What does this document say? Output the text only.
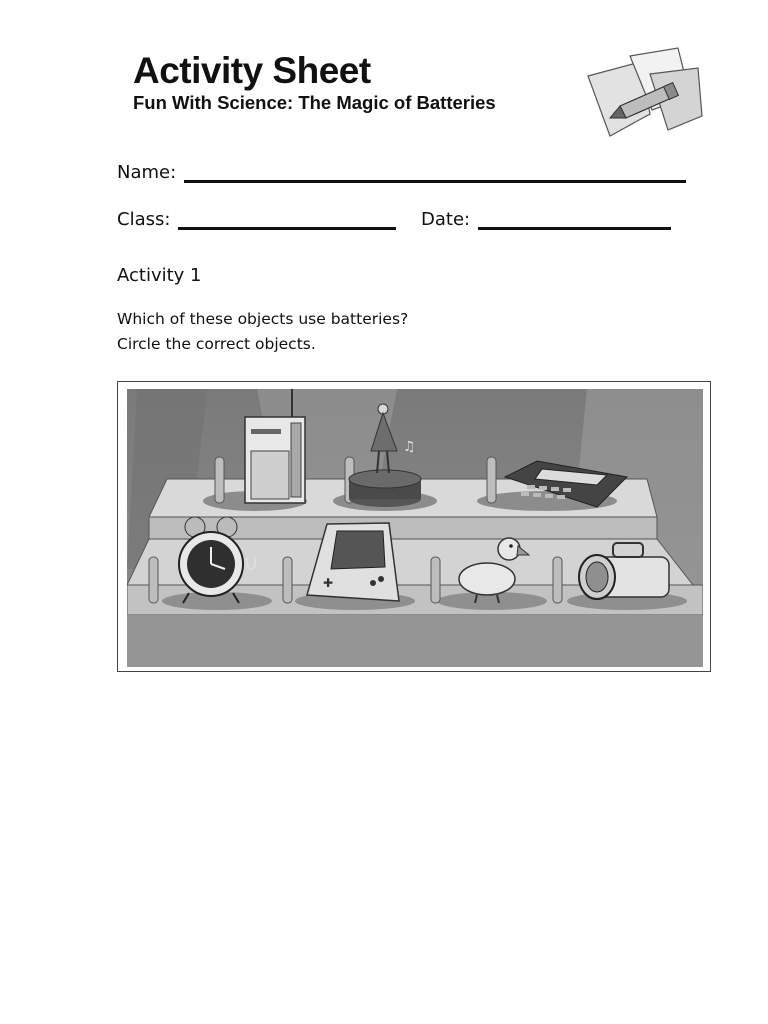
Activity Sheet
Fun With Science: The Magic of Batteries
Name:
Class:	Date:
Activity 1
Which of these objects use batteries?
Circle the correct objects.
♫
✚
